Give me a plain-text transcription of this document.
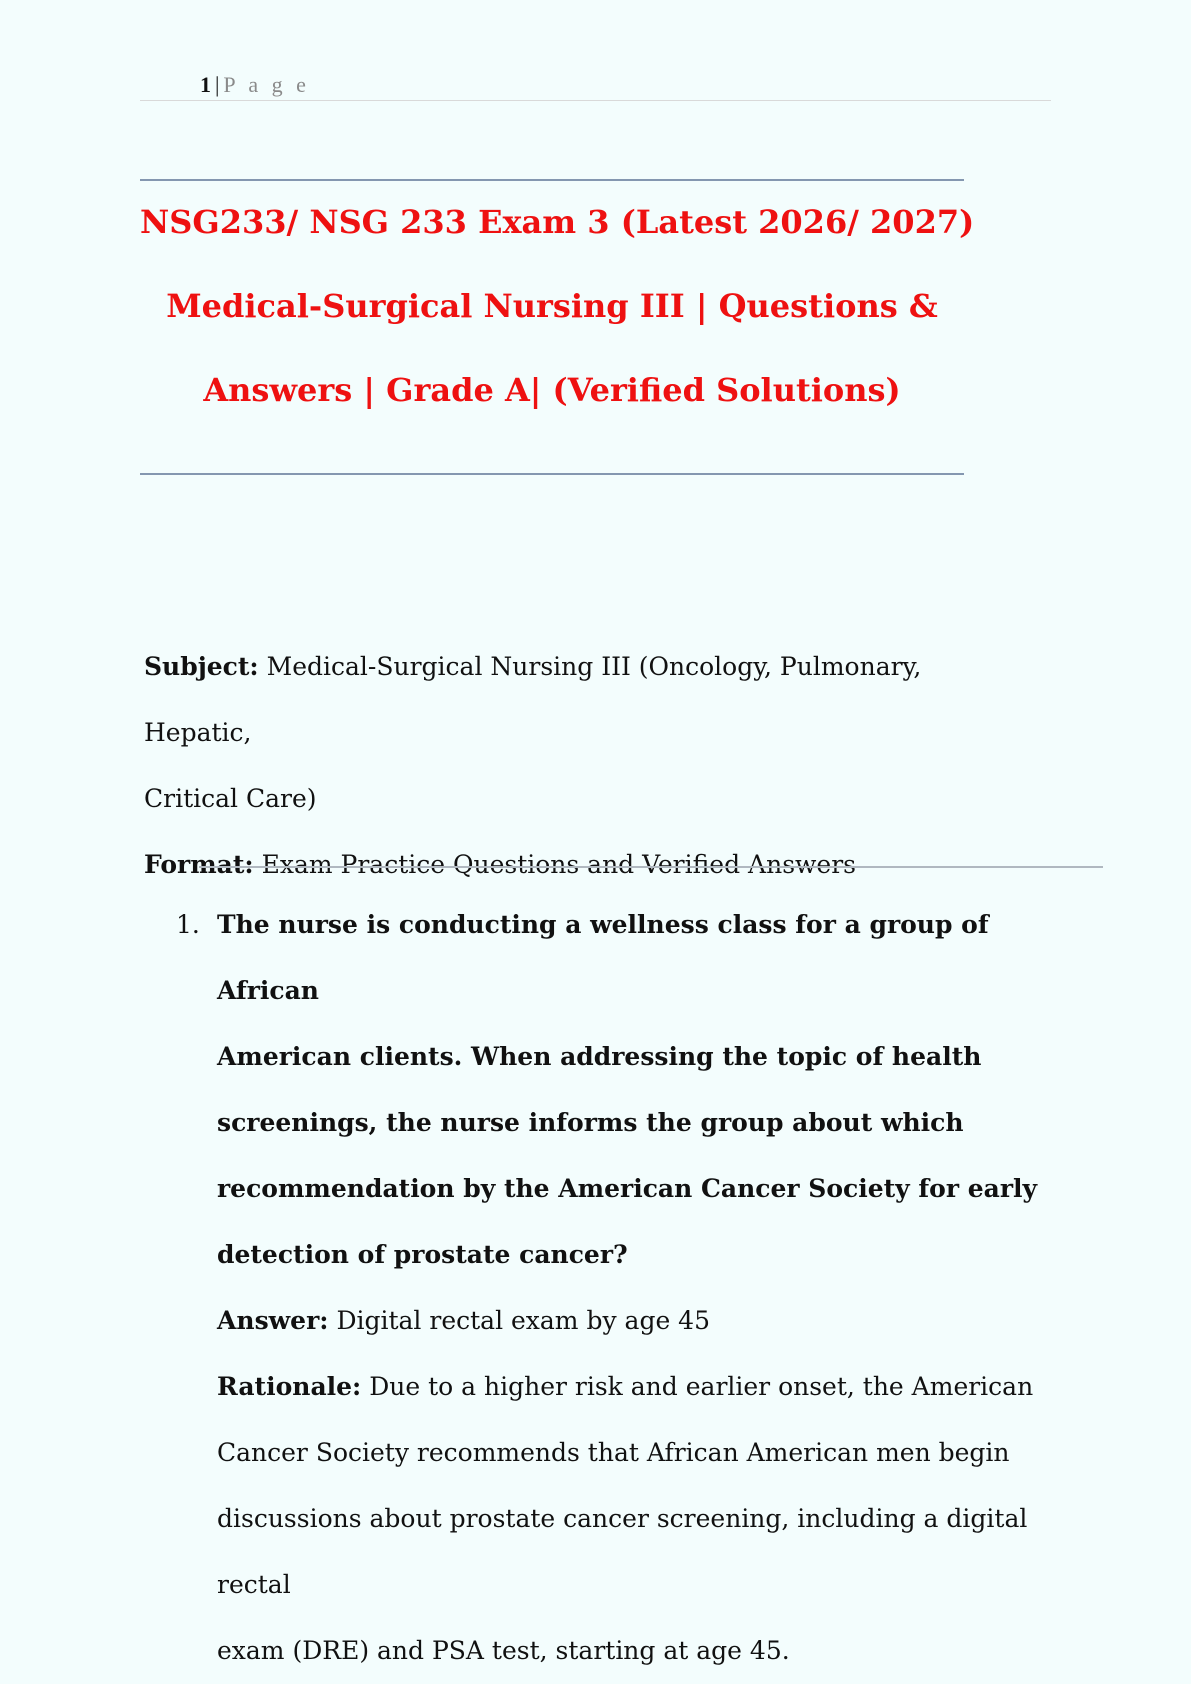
1 | P a g e
NSG233/ NSG 233 Exam 3 (Latest 2026/ 2027)
Medical-Surgical Nursing III | Questions &
Answers | Grade A| (Verified Solutions)
Subject: Medical-Surgical Nursing III (Oncology, Pulmonary, Hepatic,
Critical Care)
Format: Exam Practice Questions and Verified Answers
1. The nurse is conducting a wellness class for a group of African
American clients. When addressing the topic of health
screenings, the nurse informs the group about which
recommendation by the American Cancer Society for early
detection of prostate cancer?
Answer: Digital rectal exam by age 45
Rationale: Due to a higher risk and earlier onset, the American
Cancer Society recommends that African American men begin
discussions about prostate cancer screening, including a digital rectal
exam (DRE) and PSA test, starting at age 45.
